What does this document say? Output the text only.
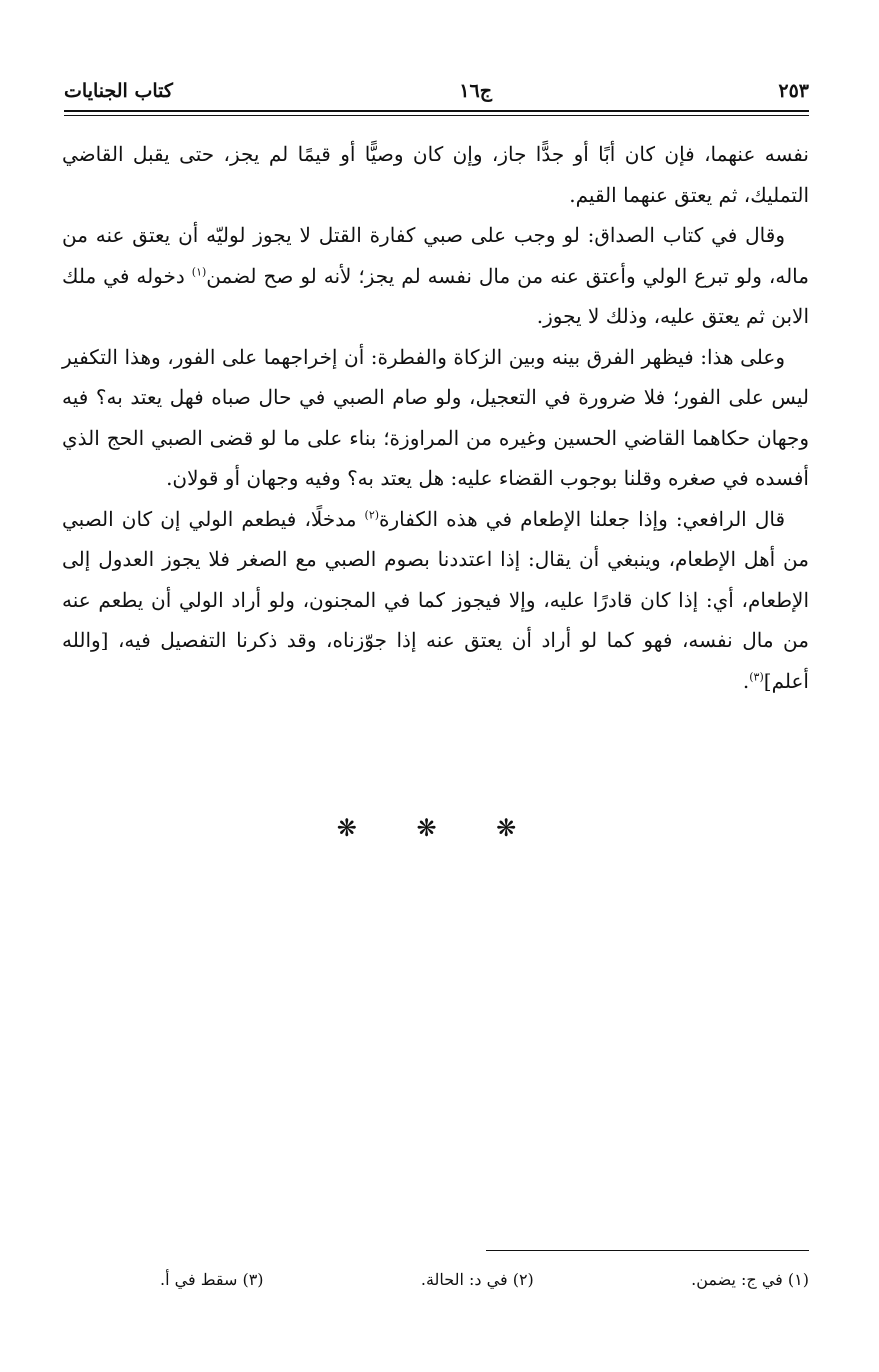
٢٥٣
ج١٦
كتاب الجنايات

نفسه عنهما، فإن كان أبًا أو جدًّا جاز، وإن كان وصيًّا أو قيمًا لم يجز، حتى يقبل القاضي التمليك، ثم يعتق عنهما القيم.

وقال في كتاب الصداق: لو وجب على صبي كفارة القتل لا يجوز لوليّه أن يعتق عنه من ماله، ولو تبرع الولي وأعتق عنه من مال نفسه لم يجز؛ لأنه لو صح لضمن$^{(١)}$ دخوله في ملك الابن ثم يعتق عليه، وذلك لا يجوز.

وعلى هذا: فيظهر الفرق بينه وبين الزكاة والفطرة: أن إخراجهما على الفور، وهذا التكفير ليس على الفور؛ فلا ضرورة في التعجيل، ولو صام الصبي في حال صباه فهل يعتد به؟ فيه وجهان حكاهما القاضي الحسين وغيره من المراوزة؛ بناء على ما لو قضى الصبي الحج الذي أفسده في صغره وقلنا بوجوب القضاء عليه: هل يعتد به؟ وفيه وجهان أو قولان.

قال الرافعي: وإذا جعلنا الإطعام في هذه الكفارة$^{(٢)}$ مدخلًا، فيطعم الولي إن كان الصبي من أهل الإطعام، وينبغي أن يقال: إذا اعتددنا بصوم الصبي مع الصغر فلا يجوز العدول إلى الإطعام، أي: إذا كان قادرًا عليه، وإلا فيجوز كما في المجنون، ولو أراد الولي أن يطعم عنه من مال نفسه، فهو كما لو أراد أن يعتق عنه إذا جوّزناه، وقد ذكرنا التفصيل فيه، [والله أعلم]$^{(٣)}$.

❋ ❋ ❋
(١) في ج: يضمن.
(٢) في د: الحالة.
(٣) سقط في أ.
